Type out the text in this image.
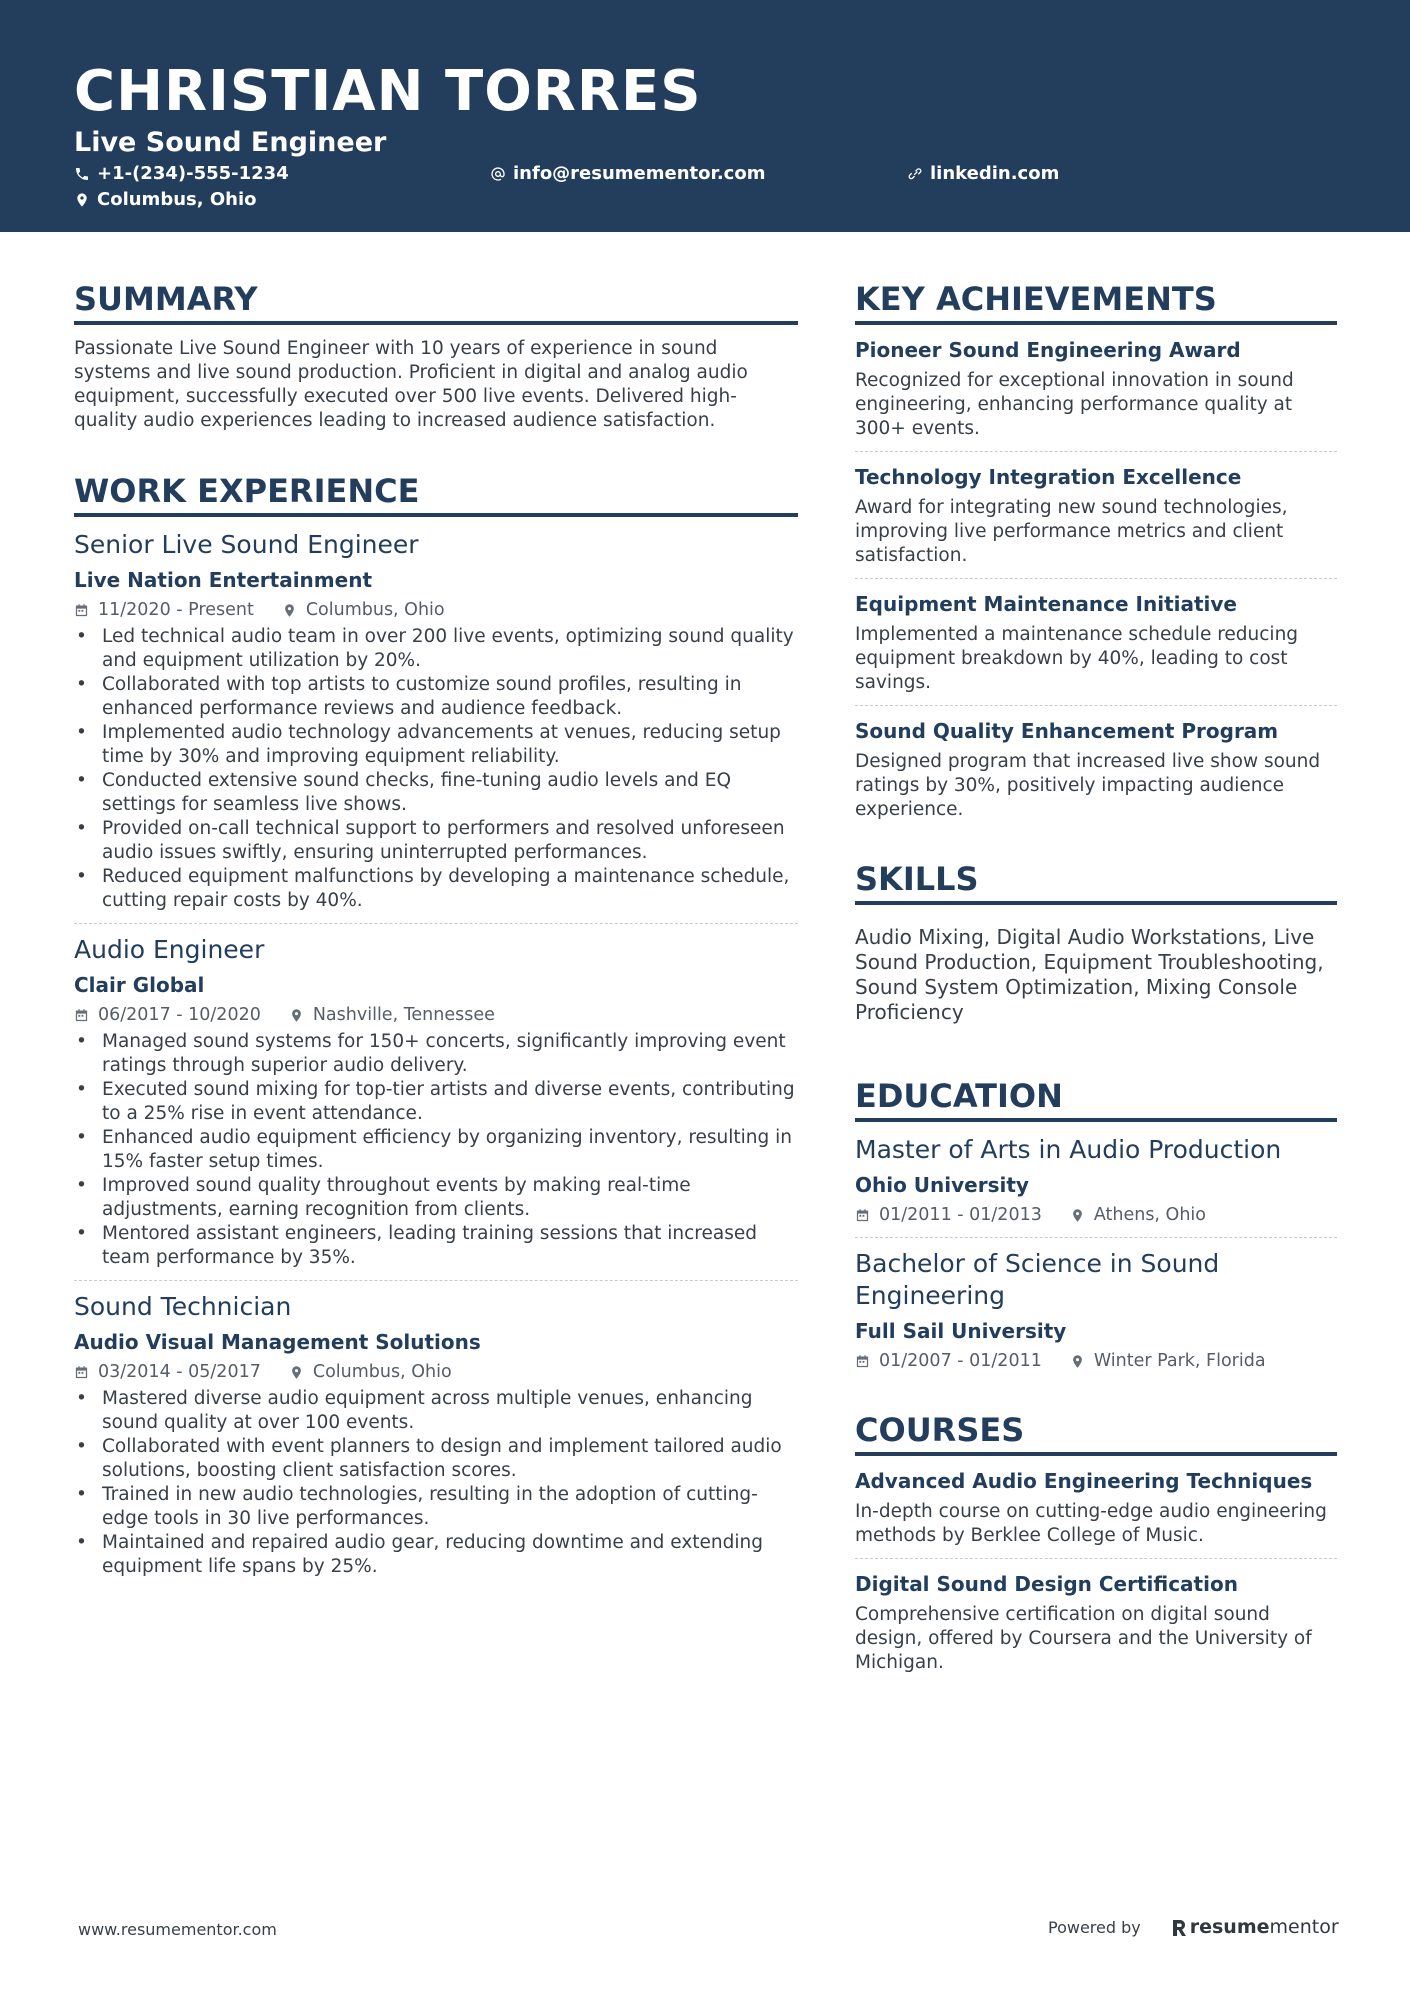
CHRISTIAN TORRES
Live Sound Engineer
+1-(234)-555-1234	info@resumementor.com	linkedin.com
Columbus, Ohio
SUMMARY
Passionate Live Sound Engineer with 10 years of experience in sound systems and live sound production. Proficient in digital and analog audio equipment, successfully executed over 500 live events. Delivered high-quality audio experiences leading to increased audience satisfaction.
WORK EXPERIENCE
Senior Live Sound Engineer
Live Nation Entertainment
11/2020 - Present	Columbus, Ohio
• Led technical audio team in over 200 live events, optimizing sound quality and equipment utilization by 20%.
• Collaborated with top artists to customize sound profiles, resulting in enhanced performance reviews and audience feedback.
• Implemented audio technology advancements at venues, reducing setup time by 30% and improving equipment reliability.
• Conducted extensive sound checks, fine-tuning audio levels and EQ settings for seamless live shows.
• Provided on-call technical support to performers and resolved unforeseen audio issues swiftly, ensuring uninterrupted performances.
• Reduced equipment malfunctions by developing a maintenance schedule, cutting repair costs by 40%.
Audio Engineer
Clair Global
06/2017 - 10/2020	Nashville, Tennessee
• Managed sound systems for 150+ concerts, significantly improving event ratings through superior audio delivery.
• Executed sound mixing for top-tier artists and diverse events, contributing to a 25% rise in event attendance.
• Enhanced audio equipment efficiency by organizing inventory, resulting in 15% faster setup times.
• Improved sound quality throughout events by making real-time adjustments, earning recognition from clients.
• Mentored assistant engineers, leading training sessions that increased team performance by 35%.
Sound Technician
Audio Visual Management Solutions
03/2014 - 05/2017	Columbus, Ohio
• Mastered diverse audio equipment across multiple venues, enhancing sound quality at over 100 events.
• Collaborated with event planners to design and implement tailored audio solutions, boosting client satisfaction scores.
• Trained in new audio technologies, resulting in the adoption of cutting-edge tools in 30 live performances.
• Maintained and repaired audio gear, reducing downtime and extending equipment life spans by 25%.
KEY ACHIEVEMENTS
Pioneer Sound Engineering Award
Recognized for exceptional innovation in sound engineering, enhancing performance quality at 300+ events.
Technology Integration Excellence
Award for integrating new sound technologies, improving live performance metrics and client satisfaction.
Equipment Maintenance Initiative
Implemented a maintenance schedule reducing equipment breakdown by 40%, leading to cost savings.
Sound Quality Enhancement Program
Designed program that increased live show sound ratings by 30%, positively impacting audience experience.
SKILLS
Audio Mixing, Digital Audio Workstations, Live Sound Production, Equipment Troubleshooting, Sound System Optimization, Mixing Console Proficiency
EDUCATION
Master of Arts in Audio Production
Ohio University
01/2011 - 01/2013	Athens, Ohio
Bachelor of Science in Sound Engineering
Full Sail University
01/2007 - 01/2011	Winter Park, Florida
COURSES
Advanced Audio Engineering Techniques
In-depth course on cutting-edge audio engineering methods by Berklee College of Music.
Digital Sound Design Certification
Comprehensive certification on digital sound design, offered by Coursera and the University of Michigan.
www.resumementor.com	Powered by	resume mentor
